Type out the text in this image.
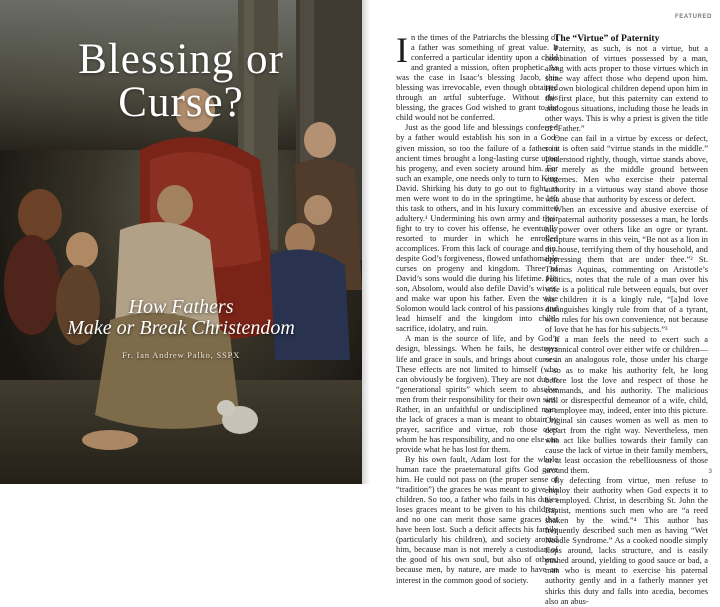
Blessing or
Curse?
How Fathers
Make or Break Christendom
Fr. Ian Andrew Palko, SSPX
FEATURED

In the times of the Patriarchs the blessing of a father was something of great value. It conferred a particular identity upon a child and granted a mission, often prophetic. As was the case in Isaac’s blessing Jacob, this blessing was irrevocable, even though obtained through an artful subterfuge. Without this blessing, the graces God wished to grant to the child would not be conferred.

Just as the good life and blessings conferred by a father would establish his son in a God-given mission, so too the failure of a father in ancient times brought a long-lasting curse upon his progeny, and even society around him. For such an example, one needs only to turn to King David. Shirking his duty to go out to fight, as men were wont to do in the springtime, he left this task to others, and in his luxury committed adultery.¹ Undermining his own army and their fight to try to cover his offense, he eventually resorted to murder in which he enrolled accomplices. From this lack of courage and sin, despite God’s forgiveness, flowed unfathomable curses on progeny and kingdom. Three of David’s sons would die during his lifetime. His son, Absolom, would also defile David’s wives, and make war upon his father. Even the wise Solomon would lack control of his passions and lead himself and the kingdom into child-sacrifice, idolatry, and ruin.

A man is the source of life, and by God’s design, blessings. When he fails, he destroys life and grace in souls, and brings about curses. These effects are not limited to himself (who can obviously be forgiven). They are not due to “generational spirits” which seem to absolve men from their responsibility for their own sins. Rather, in an unfaithful or undisciplined man, the lack of graces a man is meant to obtain by prayer, sacrifice and virtue, rob those over whom he has responsibility, and no one else can provide what he has lost for them.

By his own fault, Adam lost for the whole human race the praeternatural gifts God gave him. He could not pass on (the proper sense of “tradition”) the graces he was meant to give his children. So too, a father who fails in his duties loses graces meant to be given to his children, and no one can merit those same graces that have been lost. Such a deficit affects his family (particularly his children), and society around him, because man is not merely a custodian of the good of his own soul, but also of others, because men, by nature, are made to have an interest in the common good of society.

The “Virtue” of Paternity

Paternity, as such, is not a virtue, but a combination of virtues possessed by a man, along with acts proper to those virtues which in some way affect those who depend upon him. His own biological children depend upon him in the first place, but this paternity can extend to analogous situations, including those he leads in other ways. This is why a priest is given the title of “Father.”

One can fail in a virtue by excess or defect, so it is often said “virtue stands in the middle.” Understood rightly, though, virtue stands above, not merely as the middle ground between extremes. Men who exercise their paternal authority in a virtuous way stand above those who abuse that authority by excess or defect.

When an excessive and abusive exercise of the paternal authority possesses a man, he lords his power over others like an ogre or tyrant. Scripture warns in this vein, “Be not as a lion in thy house, terrifying them of thy household, and oppressing them that are under thee.”² St. Thomas Aquinas, commenting on Aristotle’s Politics, notes that the rule of a man over his wife is a political rule between equals, but over his children it is a kingly rule, “[a]nd love distinguishes kingly rule from that of a tyrant, who rules for his own convenience, not because of love that he has for his subjects.”³

If a man feels the need to exert such a tyrannical control over either wife or children—or in an analogous role, those under his charge—so as to make his authority felt, he long before lost the love and respect of those he commands, and his authority. The malicious will or disrespectful demeanor of a wife, child, or employee may, indeed, enter into this picture. Original sin causes women as well as men to depart from the right way. Nevertheless, men who act like bullies towards their family can cause the lack of virtue in their family members, or at least occasion the rebelliousness of those around them.

By defecting from virtue, men refuse to employ their authority when God expects it to be employed. Christ, in describing St. John the Baptist, mentions such men who are “a reed shaken by the wind.”⁴ This author has frequently described such men as having “Wet Noodle Syndrome.” As a cooked noodle simply flops around, lacks structure, and is easily pushed around, yielding to good sauce or bad, a man who is meant to exercise his paternal authority gently and in a fatherly manner yet shirks this duty and falls into acedia, becomes also an abus-

3
